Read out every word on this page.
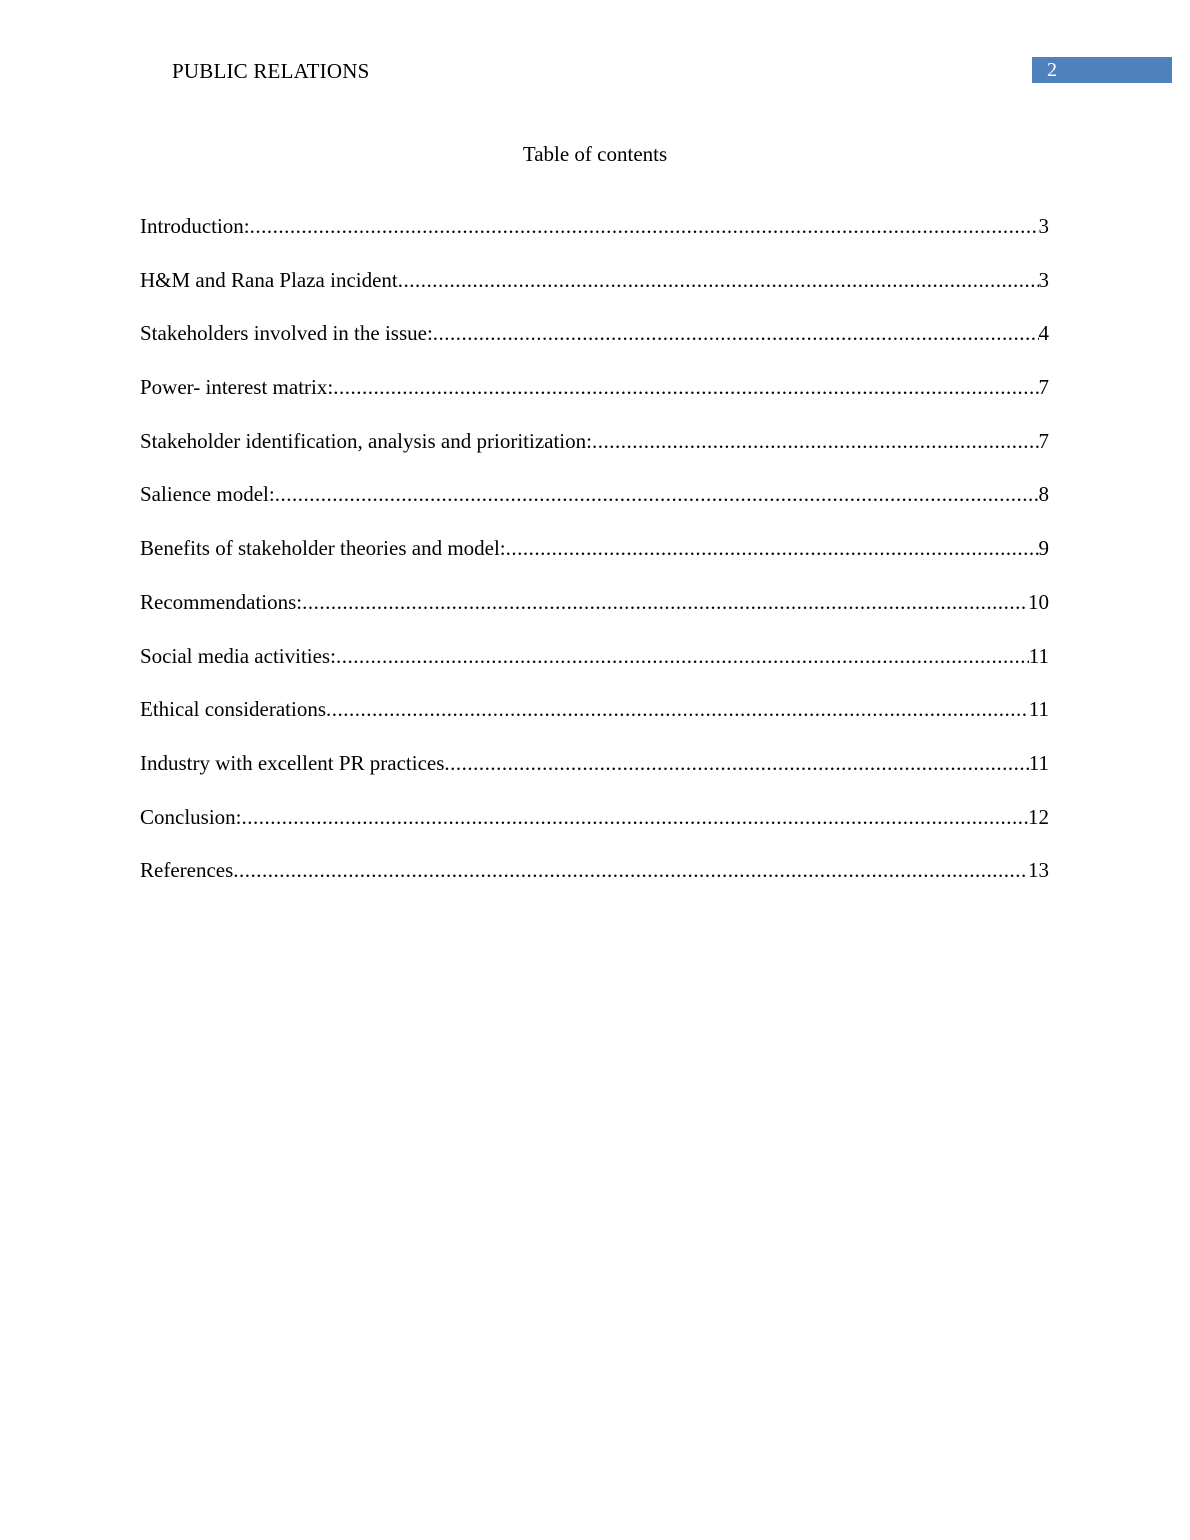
PUBLIC RELATIONS	2
Table of contents
Introduction: .....	3
H&M and Rana Plaza incident .....	3
Stakeholders involved in the issue: .....	4
Power- interest matrix: .....	7
Stakeholder identification, analysis and prioritization: .....	7
Salience model: .....	8
Benefits of stakeholder theories and model: .....	9
Recommendations: .....	10
Social media activities: .....	11
Ethical considerations .....	11
Industry with excellent PR practices .....	11
Conclusion: .....	12
References .....	13
